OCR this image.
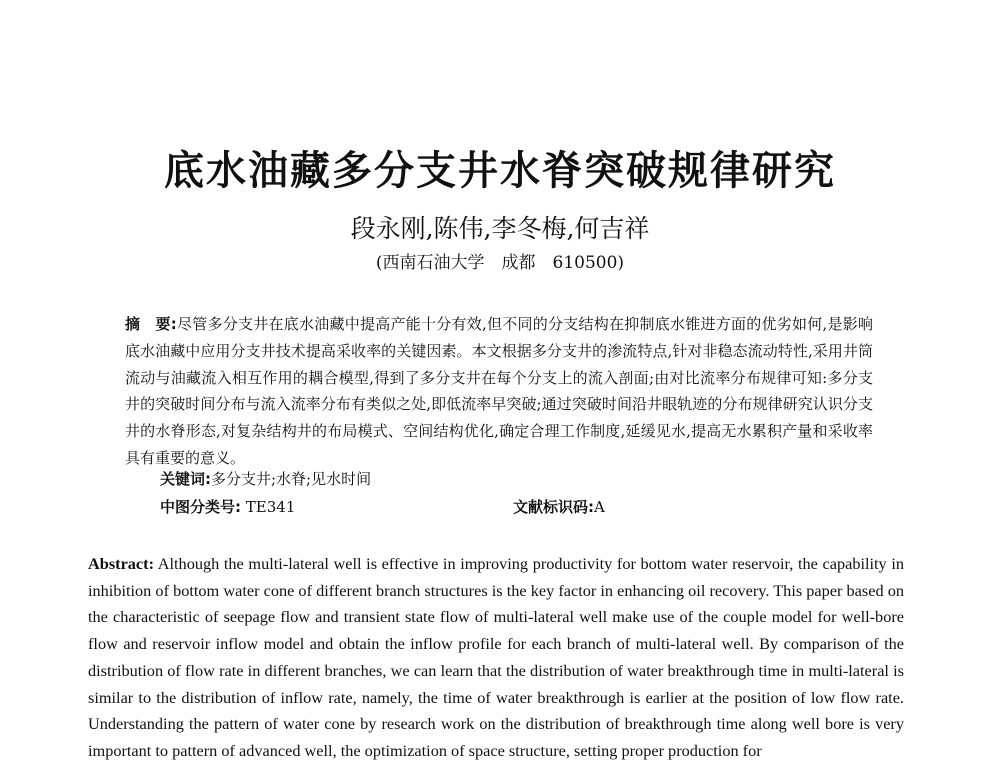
底水油藏多分支井水脊突破规律研究
段永刚,陈伟,李冬梅,何吉祥
(西南石油大学　成都　610500)

摘　要:尽管多分支井在底水油藏中提高产能十分有效,但不同的分支结构在抑制底水锥进方面的优劣如何,是影响底水油藏中应用分支井技术提高采收率的关键因素。本文根据多分支井的渗流特点,针对非稳态流动特性,采用井筒流动与油藏流入相互作用的耦合模型,得到了多分支井在每个分支上的流入剖面;由对比流率分布规律可知:多分支井的突破时间分布与流入流率分布有类似之处,即低流率早突破;通过突破时间沿井眼轨迹的分布规律研究认识分支井的水脊形态,对复杂结构井的布局模式、空间结构优化,确定合理工作制度,延缓见水,提高无水累积产量和采收率具有重要的意义。

关键词:多分支井;水脊;见水时间
中图分类号: TE341	文献标识码:A

Abstract: Although the multi-lateral well is effective in improving productivity for bottom water reservoir, the capability in inhibition of bottom water cone of different branch structures is the key factor in enhancing oil recovery. This paper based on the characteristic of seepage flow and transient state flow of multi-lateral well make use of the couple model for well-bore flow and reservoir inflow model and obtain the inflow profile for each branch of multi-lateral well. By comparison of the distribution of flow rate in different branches, we can learn that the distribution of water breakthrough time in multi-lateral is similar to the distribution of inflow rate, namely, the time of water breakthrough is earlier at the position of low flow rate. Understanding the pattern of water cone by research work on the distribution of breakthrough time along well bore is very important to pattern of advanced well, the optimization of space structure, setting proper production for
